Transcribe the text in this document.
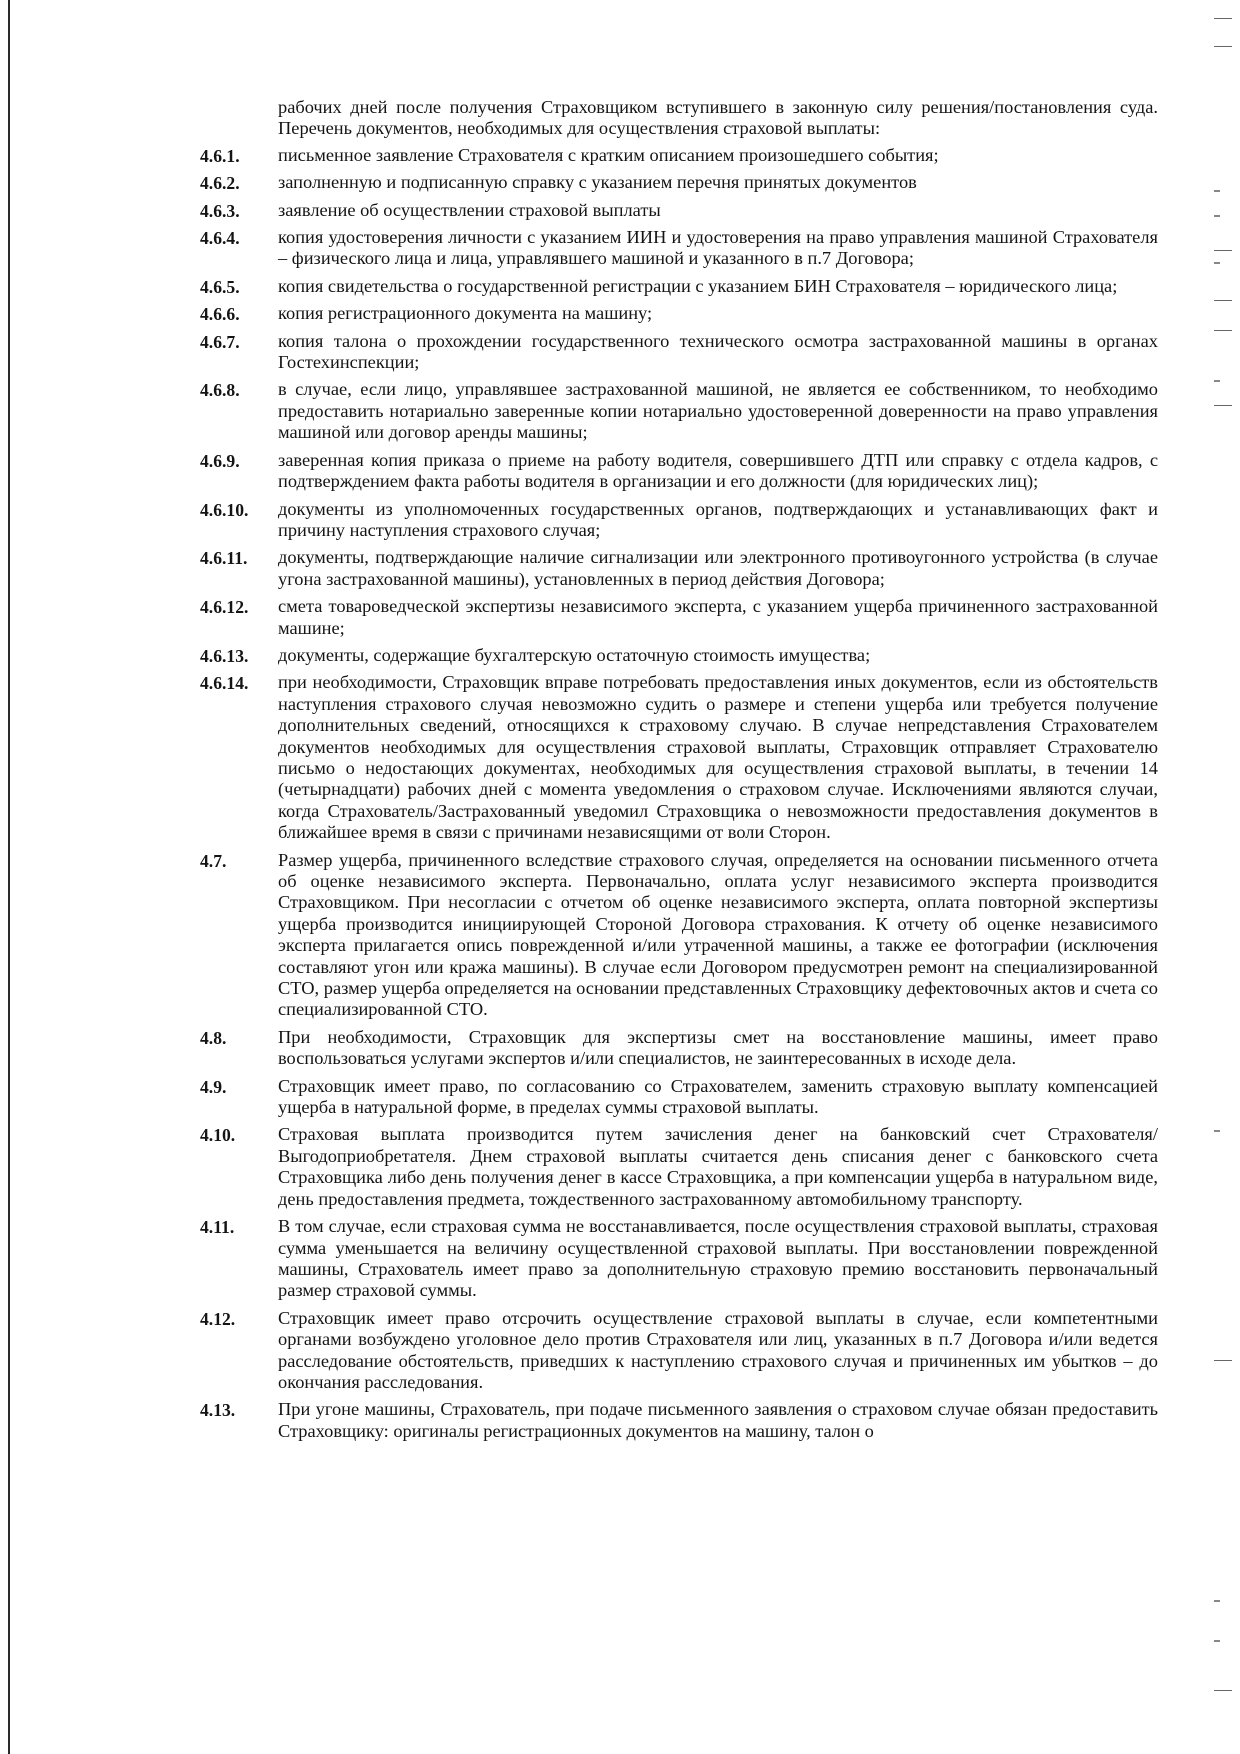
рабочих дней после получения Страховщиком вступившего в законную силу решения/постановления суда. Перечень документов, необходимых для осуществления страховой выплаты:

4.6.1. письменное заявление Страхователя с кратким описанием произошедшего события;
4.6.2. заполненную и подписанную справку с указанием перечня принятых документов
4.6.3. заявление об осуществлении страховой выплаты
4.6.4. копия удостоверения личности с указанием ИИН и удостоверения на право управления машиной Страхователя – физического лица и лица, управлявшего машиной и указанного в п.7 Договора;
4.6.5. копия свидетельства о государственной регистрации с указанием БИН Страхователя – юридического лица;
4.6.6. копия регистрационного документа на машину;
4.6.7. копия талона о прохождении государственного технического осмотра застрахованной машины в органах Гостехинспекции;
4.6.8. в случае, если лицо, управлявшее застрахованной машиной, не является ее собственником, то необходимо предоставить нотариально заверенные копии нотариально удостоверенной доверенности на право управления машиной или договор аренды машины;
4.6.9. заверенная копия приказа о приеме на работу водителя, совершившего ДТП или справку с отдела кадров, с подтверждением факта работы водителя в организации и его должности (для юридических лиц);
4.6.10. документы из уполномоченных государственных органов, подтверждающих и устанавливающих факт и причину наступления страхового случая;
4.6.11. документы, подтверждающие наличие сигнализации или электронного противоугонного устройства (в случае угона застрахованной машины), установленных в период действия Договора;
4.6.12. смета товароведческой экспертизы независимого эксперта, с указанием ущерба причиненного застрахованной машине;
4.6.13. документы, содержащие бухгалтерскую остаточную стоимость имущества;
4.6.14. при необходимости, Страховщик вправе потребовать предоставления иных документов, если из обстоятельств наступления страхового случая невозможно судить о размере и степени ущерба или требуется получение дополнительных сведений, относящихся к страховому случаю. В случае непредставления Страхователем документов необходимых для осуществления страховой выплаты, Страховщик отправляет Страхователю письмо о недостающих документах, необходимых для осуществления страховой выплаты, в течении 14 (четырнадцати) рабочих дней с момента уведомления о страховом случае. Исключениями являются случаи, когда Страхователь/Застрахованный уведомил Страховщика о невозможности предоставления документов в ближайшее время в связи с причинами независящими от воли Сторон.
4.7.	Размер ущерба, причиненного вследствие страхового случая, определяется на основании письменного отчета об оценке независимого эксперта. Первоначально, оплата услуг независимого эксперта производится Страховщиком. При несогласии с отчетом об оценке независимого эксперта, оплата повторной экспертизы ущерба производится инициирующей Стороной Договора страхования. К отчету об оценке независимого эксперта прилагается опись поврежденной и/или утраченной машины, а также ее фотографии (исключения составляют угон или кража машины). В случае если Договором предусмотрен ремонт на специализированной СТО, размер ущерба определяется на основании представленных Страховщику дефектовочных актов и счета со специализированной СТО.
4.8.	При необходимости, Страховщик для экспертизы смет на восстановление машины, имеет право воспользоваться услугами экспертов и/или специалистов, не заинтересованных в исходе дела.
4.9.	Страховщик имеет право, по согласованию со Страхователем, заменить страховую выплату компенсацией ущерба в натуральной форме, в пределах суммы страховой выплаты.
4.10. Страховая выплата производится путем зачисления денег на банковский счет Страхователя/Выгодоприобретателя. Днем страховой выплаты считается день списания денег с банковского счета Страховщика либо день получения денег в кассе Страховщика, а при компенсации ущерба в натуральном виде, день предоставления предмета, тождественного застрахованному автомобильному транспорту.
4.11. В том случае, если страховая сумма не восстанавливается, после осуществления страховой выплаты, страховая сумма уменьшается на величину осуществленной страховой выплаты. При восстановлении поврежденной машины, Страхователь имеет право за дополнительную страховую премию восстановить первоначальный размер страховой суммы.
4.12. Страховщик имеет право отсрочить осуществление страховой выплаты в случае, если компетентными органами возбуждено уголовное дело против Страхователя или лиц, указанных в п.7 Договора и/или ведется расследование обстоятельств, приведших к наступлению страхового случая и причиненных им убытков – до окончания расследования.
4.13. При угоне машины, Страхователь, при подаче письменного заявления о страховом случае обязан предоставить Страховщику: оригиналы регистрационных документов на машину, талон о
